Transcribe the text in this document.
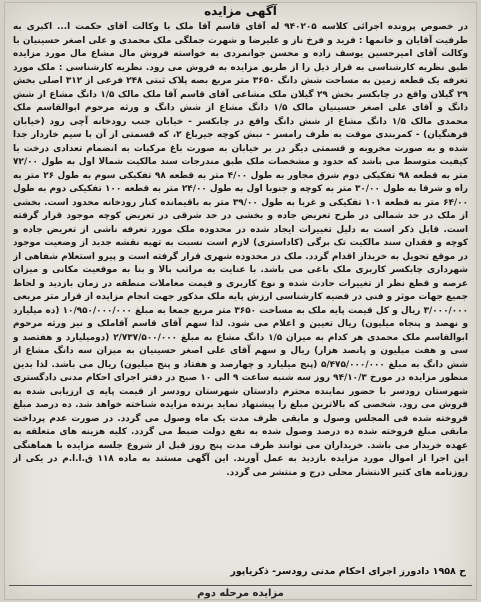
آگهی مزایده
در خصوص پرونده اجرائی کلاسه ۹۴۰۲۰۵ له آقای قاسم آقا ملک با وکالت آقای حکمت ا... اکبری به طرفیت آقایان و خانمها : فرید و فرخ ناز و علیرضا و شهرت جملگی ملک محمدی و علی اصغر حسینیان با وکالت آقای امیرحسین یوسف زاده و محسن جوانمردی به خواسته فروش مال مشاع مال مورد مزایده طبق نظریه کارشناسی به قرار ذیل را از طریق مزایده به فروش می رود. نظریه کارشناسی : ملک مورد تعرفه یک قطعه زمین به مساحت شش دانگ ۳۶۵۰ متر مربع بصه پلاک ثبتی ۲۴۸ فرعی از ۳۱۲ اصلی بخش ۲۹ گیلان واقع در چابکسر بخش ۲۹ گیلان ملک مشاعی آقای قاسم آقا ملک مالک ۱/۵ دانگ مشاع از شش دانگ و آقای علی اصغر حسینیان مالک ۱/۵ دانگ مشاع از شش دانگ و ورثه مرحوم ابوالقاسم ملک محمدی مالک ۱/۵ دانگ مشاع از شش دانگ واقع در چابکسر - خیابان جنب رودخانه آچی رود (خیابان فرهنگیان) - کمربندی موقت به طرف رامسر - نبش کوچه جیرباغ ۲، که قسمتی از آن با سیم خاردار جدا شده و به صورت مخروبه و قسمتی دیگر در بر خیابان به صورت باغ مرکبات به انضمام تعدادی درخت با کیفیت متوسط می باشد که حدود و مشخصات ملک طبق مندرجات سند مالکیت شمالا اول به طول ۷۲/۰۰ متر به قطعه ۹۸ تفکیکی دوم شرق مجاور به طول ۴/۰۰ متر به قطعه ۹۸ تفکیکی سوم به طول ۲۶ متر به راه و شرقا به طول ۳۰/۰۰ متر به کوچه و جنوبا اول به طول ۲۴/۰۰ متر به قطعه ۱۰۰ تفکیکی دوم به طول ۶۴/۰۰ متر به قطعه ۱۰۱ تفکیکی و غربا به طول ۳۹/۰۰ متر به باقیمانده کنار رودخانه محدود است. بخشی از ملک در حد شمالی در طرح تعریض جاده و بخشی در حد شرقی در تعریض کوچه موجود قرار گرفته است. قابل ذکر است به دلیل تغییرات ایجاد شده در محدوده ملک مورد تعرفه ناشی از تعریض جاده و کوچه و فقدان سند مالکیت تک برگی (کاداستری) لازم است نسبت به تهیه نقشه جدید از وضعیت موجود در موقع تحویل به خریدار اقدام گردد. ملک در محدوده شهری قرار گرفته است و پیرو استعلام شفاهی از شهرداری چابکسر کاربری ملک باغی می باشد. با عنایت به مراتب بالا و بنا به موقعیت مکانی و میزان عرصه و قطع نظر از تغییرات حادث شده و نوع کاربری و قیمت معاملات منطقه در زمان بازدید و لحاظ جمیع جهات موثر و فنی در قضیه کارشناسی ارزش پایه ملک مذکور جهت انجام مزایده از قرار متر مربعی ۳/۰۰۰/۰۰۰ ریال و کل قیمت پایه ملک به مساحت ۳۶۵۰ متر مربع جمعا به مبلغ ۱۰/۹۵۰/۰۰۰/۰۰۰ (ده میلیارد و نهصد و پنجاه میلیون) ریال تعیین و اعلام می شود. لذا سهم آقای قاسم آقاملک و نیز ورثه مرحوم ابوالقاسم ملک محمدی هر کدام به میزان ۱/۵ دانگ مشاع به مبلغ ۲/۷۳۷/۵۰۰/۰۰۰ (دومیلیارد و هفتصد و سی و هفت میلیون و پانصد هزار) ریال و سهم آقای علی اصغر حسینیان به میزان سه دانگ مشاع از شش دانگ به مبلغ ۵/۴۷۵/۰۰۰/۰۰۰ (پنج میلیارد و چهارصد و هفتاد و پنج میلیون) ریال می باشد. لذا بدین منظور مزایده در مورخ ۹۴/۱۰/۳ روز سه شنبه ساعت ۹ الی ۱۰ صبح در دفتر اجرای احکام مدنی دادگستری شهرستان رودسر با حضور نماینده محترم دادستان شهرستان رودسر از قیمت پایه ی ارزیابی شده به فروش می رود. شخصی که بالاترین مبلغ را پیشنهاد نماید برنده مزایده شناخته خواهد شد. ده درصد مبلغ فروخته شده فی المجلس وصول و مابقی ظرف مدت یک ماه وصول می گردد. در صورت عدم پرداخت مابقی مبلغ فروخته شده ده درصد وصول شده به نفع دولت ضبط می گردد. کلیه هزینه های متعلقه به عهده خریدار می باشد. خریداران می توانند ظرف مدت پنج روز قبل از شروع جلسه مزایده با هماهنگی این اجرا از اموال مورد مزایده بازدید به عمل آورند. این آگهی مستند به ماده ۱۱۸ ق.ا.ا.م در یکی از روزنامه های کثیر الانتشار محلی درج و منتشر می گردد.
ح ۱۹۵۸ دادورز اجرای احکام مدنی رودسر- ذکریاپور
مزایده مرحله دوم
